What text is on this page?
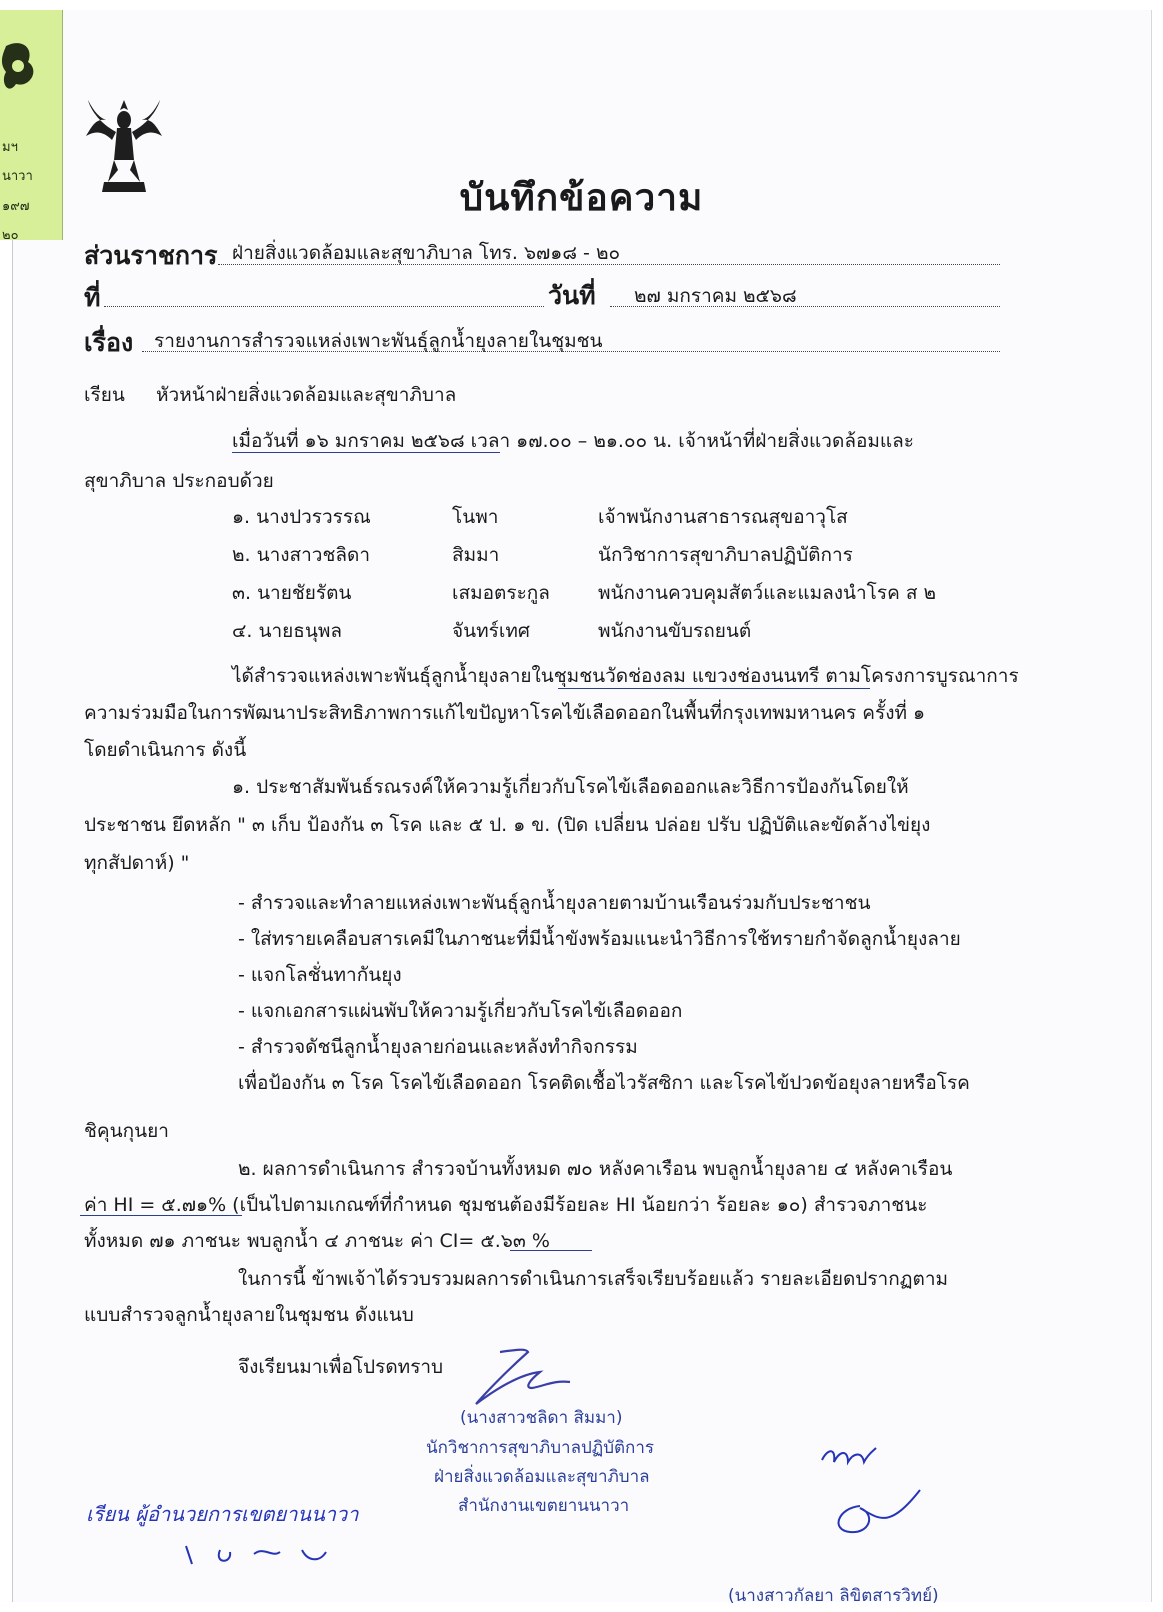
มฯ
นาวา
๑๙๗
๒๐
บันทึกข้อความ
ส่วนราชการ ฝ่ายสิ่งแวดล้อมและสุขาภิบาล โทร. ๖๗๑๘ - ๒๐
ที่	วันที่ ๒๗ มกราคม ๒๕๖๘
เรื่อง รายงานการสำรวจแหล่งเพาะพันธุ์ลูกน้ำยุงลายในชุมชน
เรียน หัวหน้าฝ่ายสิ่งแวดล้อมและสุขาภิบาล
เมื่อวันที่ ๑๖ มกราคม ๒๕๖๘ เวลา ๑๗.๐๐ – ๒๑.๐๐ น. เจ้าหน้าที่ฝ่ายสิ่งแวดล้อมและ
สุขาภิบาล ประกอบด้วย
๑. นางปวรวรรณ	โนพา	เจ้าพนักงานสาธารณสุขอาวุโส
๒. นางสาวชลิดา	สิมมา	นักวิชาการสุขาภิบาลปฏิบัติการ
๓. นายชัยรัตน	เสมอตระกูล	พนักงานควบคุมสัตว์และแมลงนำโรค ส ๒
๔. นายธนุพล	จันทร์เทศ	พนักงานขับรถยนต์
ได้สำรวจแหล่งเพาะพันธุ์ลูกน้ำยุงลายในชุมชนวัดช่องลม แขวงช่องนนทรี ตามโครงการบูรณาการ
ความร่วมมือในการพัฒนาประสิทธิภาพการแก้ไขปัญหาโรคไข้เลือดออกในพื้นที่กรุงเทพมหานคร ครั้งที่ ๑
โดยดำเนินการ ดังนี้
๑. ประชาสัมพันธ์รณรงค์ให้ความรู้เกี่ยวกับโรคไข้เลือดออกและวิธีการป้องกันโดยให้
ประชาชน ยึดหลัก " ๓ เก็บ ป้องกัน ๓ โรค และ ๕ ป. ๑ ข. (ปิด เปลี่ยน ปล่อย ปรับ ปฏิบัติและขัดล้างไข่ยุง
ทุกสัปดาห์) "
- สำรวจและทำลายแหล่งเพาะพันธุ์ลูกน้ำยุงลายตามบ้านเรือนร่วมกับประชาชน
- ใส่ทรายเคลือบสารเคมีในภาชนะที่มีน้ำขังพร้อมแนะนำวิธีการใช้ทรายกำจัดลูกน้ำยุงลาย
- แจกโลชั่นทากันยุง
- แจกเอกสารแผ่นพับให้ความรู้เกี่ยวกับโรคไข้เลือดออก
- สำรวจดัชนีลูกน้ำยุงลายก่อนและหลังทำกิจกรรม
เพื่อป้องกัน ๓ โรค โรคไข้เลือดออก โรคติดเชื้อไวรัสซิกา และโรคไข้ปวดข้อยุงลายหรือโรค
ชิคุนกุนยา
๒. ผลการดำเนินการ สำรวจบ้านทั้งหมด ๗๐ หลังคาเรือน พบลูกน้ำยุงลาย ๔ หลังคาเรือน
ค่า HI = ๕.๗๑% (เป็นไปตามเกณฑ์ที่กำหนด ชุมชนต้องมีร้อยละ HI น้อยกว่า ร้อยละ ๑๐) สำรวจภาชนะ
ทั้งหมด ๗๑ ภาชนะ พบลูกน้ำ ๔ ภาชนะ ค่า CI= ๕.๖๓ %
ในการนี้ ข้าพเจ้าได้รวบรวมผลการดำเนินการเสร็จเรียบร้อยแล้ว รายละเอียดปรากฏตาม
แบบสำรวจลูกน้ำยุงลายในชุมชน ดังแนบ
จึงเรียนมาเพื่อโปรดทราบ
(นางสาวชลิดา สิมมา)
นักวิชาการสุขาภิบาลปฏิบัติการ
ฝ่ายสิ่งแวดล้อมและสุขาภิบาล
สำนักงานเขตยานนาวา
เรียน ผู้อำนวยการเขตยานนาวา
(นางสาวกัลยา ลิขิตสารวิทย์)
